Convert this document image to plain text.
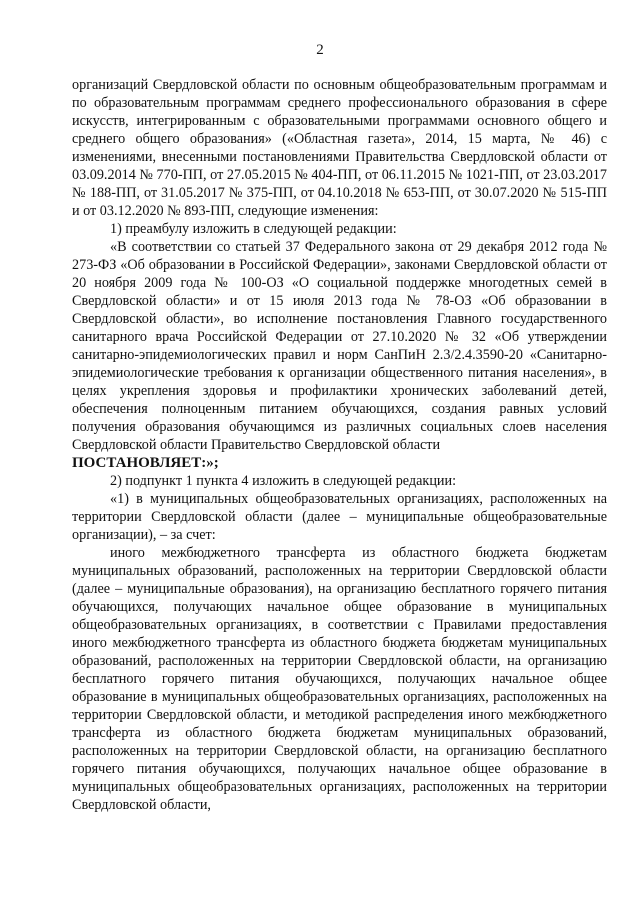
2

организаций Свердловской области по основным общеобразовательным программам и по образовательным программам среднего профессионального образования в сфере искусств, интегрированным с образовательными программами основного общего и среднего общего образования» («Областная газета», 2014, 15 марта, № 46) с изменениями, внесенными постановлениями Правительства Свердловской области от 03.09.2014 № 770-ПП, от 27.05.2015 № 404-ПП, от 06.11.2015 № 1021-ПП, от 23.03.2017 № 188-ПП, от 31.05.2017 № 375-ПП, от 04.10.2018 № 653-ПП, от 30.07.2020 № 515-ПП и от 03.12.2020 № 893-ПП, следующие изменения:

1) преамбулу изложить в следующей редакции:

«В соответствии со статьей 37 Федерального закона от 29 декабря 2012 года № 273-ФЗ «Об образовании в Российской Федерации», законами Свердловской области от 20 ноября 2009 года № 100-ОЗ «О социальной поддержке многодетных семей в Свердловской области» и от 15 июля 2013 года № 78-ОЗ «Об образовании в Свердловской области», во исполнение постановления Главного государственного санитарного врача Российской Федерации от 27.10.2020 № 32 «Об утверждении санитарно-эпидемиологических правил и норм СанПиН 2.3/2.4.3590-20 «Санитарно-эпидемиологические требования к организации общественного питания населения», в целях укрепления здоровья и профилактики хронических заболеваний детей, обеспечения полноценным питанием обучающихся, создания равных условий получения образования обучающимся из различных социальных слоев населения Свердловской области Правительство Свердловской области

ПОСТАНОВЛЯЕТ:»;

2) подпункт 1 пункта 4 изложить в следующей редакции:

«1) в муниципальных общеобразовательных организациях, расположенных на территории Свердловской области (далее – муниципальные общеобразовательные организации), – за счет:

иного межбюджетного трансферта из областного бюджета бюджетам муниципальных образований, расположенных на территории Свердловской области (далее – муниципальные образования), на организацию бесплатного горячего питания обучающихся, получающих начальное общее образование в муниципальных общеобразовательных организациях, в соответствии с Правилами предоставления иного межбюджетного трансферта из областного бюджета бюджетам муниципальных образований, расположенных на территории Свердловской области, на организацию бесплатного горячего питания обучающихся, получающих начальное общее образование в муниципальных общеобразовательных организациях, расположенных на территории Свердловской области, и методикой распределения иного межбюджетного трансферта из областного бюджета бюджетам муниципальных образований, расположенных на территории Свердловской области, на организацию бесплатного горячего питания обучающихся, получающих начальное общее образование в муниципальных общеобразовательных организациях, расположенных на территории Свердловской области,
